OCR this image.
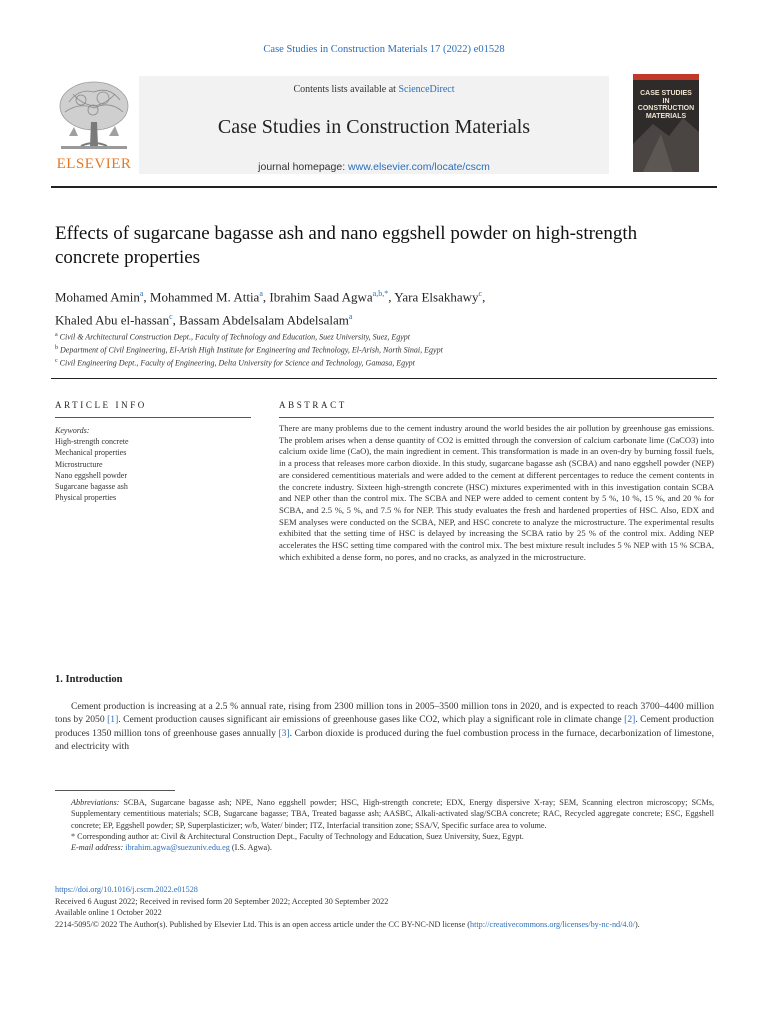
Case Studies in Construction Materials 17 (2022) e01528
ELSEVIER
Contents lists available at ScienceDirect
Case Studies in Construction Materials
journal homepage: www.elsevier.com/locate/cscm
CASE STUDIES IN CONSTRUCTION MATERIALS
Effects of sugarcane bagasse ash and nano eggshell powder on high-strength concrete properties
Mohamed Amin$^a$, Mohammed M. Attia$^a$, Ibrahim Saad Agwa$^{a,b,*}$, Yara Elsakhawy$^c$,
Khaled Abu el-hassan$^c$, Bassam Abdelsalam Abdelsalam$^a$
$^a$ Civil & Architectural Construction Dept., Faculty of Technology and Education, Suez University, Suez, Egypt
$^b$ Department of Civil Engineering, El-Arish High Institute for Engineering and Technology, El-Arish, North Sinai, Egypt
$^c$ Civil Engineering Dept., Faculty of Engineering, Delta University for Science and Technology, Gamasa, Egypt
ARTICLE INFO
Keywords:
High-strength concrete
Mechanical properties
Microstructure
Nano eggshell powder
Sugarcane bagasse ash
Physical properties
ABSTRACT
There are many problems due to the cement industry around the world besides the air pollution by greenhouse gas emissions. The problem arises when a dense quantity of CO2 is emitted through the conversion of calcium carbonate lime (CaCO3) into calcium oxide lime (CaO), the main ingredient in cement. This transformation is made in an oven-dry by burning fossil fuels, in a process that releases more carbon dioxide. In this study, sugarcane bagasse ash (SCBA) and nano eggshell powder (NEP) are considered cementitious materials and were added to the cement at different percentages to reduce the cement contents in the concrete industry. Sixteen high-strength concrete (HSC) mixtures experimented with in this investigation contain SCBA and NEP other than the control mix. The SCBA and NEP were added to cement content by 5 %, 10 %, 15 %, and 20 % for SCBA, and 2.5 %, 5 %, and 7.5 % for NEP. This study evaluates the fresh and hardened properties of HSC. Also, EDX and SEM analyses were conducted on the SCBA, NEP, and HSC concrete to analyze the microstructure. The experimental results exhibited that the setting time of HSC is delayed by increasing the SCBA ratio by 25 % of the control mix. Adding NEP accelerates the HSC setting time compared with the control mix. The best mixture result includes 5 % NEP with 15 % SCBA, which exhibited a dense form, no pores, and no cracks, as analyzed in the microstructure.
1. Introduction
Cement production is increasing at a 2.5 % annual rate, rising from 2300 million tons in 2005–3500 million tons in 2020, and is expected to reach 3700–4400 million tons by 2050 [1]. Cement production causes significant air emissions of greenhouse gases like CO2, which play a significant role in climate change [2]. Cement production produces 1350 million tons of greenhouse gases annually [3]. Carbon dioxide is produced during the fuel combustion process in the furnace, decarbonization of limestone, and electricity with
Abbreviations: SCBA, Sugarcane bagasse ash; NPE, Nano eggshell powder; HSC, High-strength concrete; EDX, Energy dispersive X-ray; SEM, Scanning electron microscopy; SCMs, Supplementary cementitious materials; SCB, Sugarcane bagasse; TBA, Treated bagasse ash; AASBC, Alkali-activated slag/SCBA concrete; RAC, Recycled aggregate concrete; ESC, Eggshell concrete; EP, Eggshell powder; SP, Superplasticizer; w/b, Water/ binder; ITZ, Interfacial transition zone; SSA/V, Specific surface area to volume.
* Corresponding author at: Civil & Architectural Construction Dept., Faculty of Technology and Education, Suez University, Suez, Egypt.
E-mail address: ibrahim.agwa@suezuniv.edu.eg (I.S. Agwa).
https://doi.org/10.1016/j.cscm.2022.e01528
Received 6 August 2022; Received in revised form 20 September 2022; Accepted 30 September 2022
Available online 1 October 2022
2214-5095/© 2022 The Author(s). Published by Elsevier Ltd. This is an open access article under the CC BY-NC-ND license (http://creativecommons.org/licenses/by-nc-nd/4.0/).
